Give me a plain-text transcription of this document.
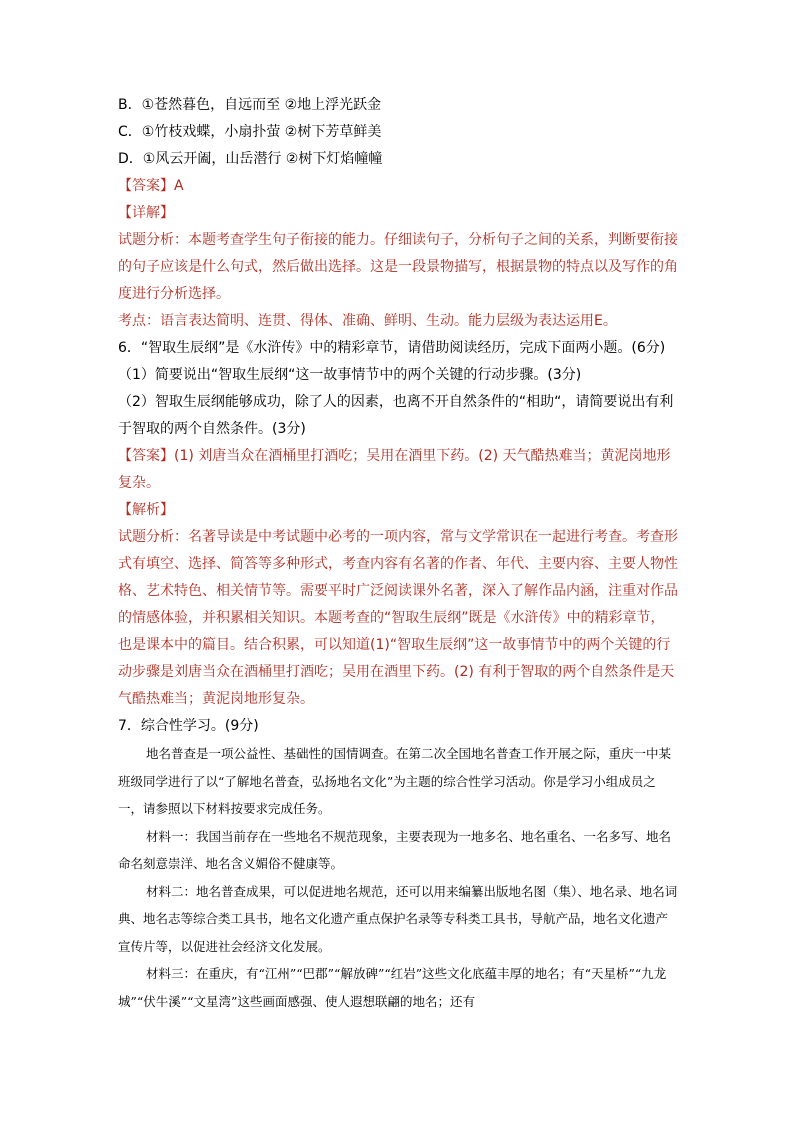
B．①苍然暮色，自远而至 ②地上浮光跃金
C．①竹枝戏蝶，小扇扑萤 ②树下芳草鲜美
D．①风云开阖，山岳潜行 ②树下灯焰幢幢
【答案】A
【详解】
试题分析：本题考查学生句子衔接的能力。仔细读句子，分析句子之间的关系，判断要衔接的句子应该是什么句式，然后做出选择。这是一段景物描写，根据景物的特点以及写作的角度进行分析选择。
考点：语言表达简明、连贯、得体、准确、鲜明、生动。能力层级为表达运用E。
6．“智取生辰纲”是《水浒传》中的精彩章节，请借助阅读经历，完成下面两小题。(6分)
（1）简要说出“智取生辰纲“这一故事情节中的两个关键的行动步骤。(3分)
（2）智取生辰纲能够成功，除了人的因素，也离不开自然条件的“相助“，请简要说出有利于智取的两个自然条件。(3分)
【答案】(1) 刘唐当众在酒桶里打酒吃；吴用在酒里下药。(2) 天气酷热难当；黄泥岗地形复杂。
【解析】
试题分析：名著导读是中考试题中必考的一项内容，常与文学常识在一起进行考查。考查形式有填空、选择、简答等多种形式，考查内容有名著的作者、年代、主要内容、主要人物性格、艺术特色、相关情节等。需要平时广泛阅读课外名著，深入了解作品内涵，注重对作品的情感体验，并积累相关知识。本题考查的“智取生辰纲”既是《水浒传》中的精彩章节，也是课本中的篇目。结合积累，可以知道(1)“智取生辰纲”这一故事情节中的两个关键的行动步骤是刘唐当众在酒桶里打酒吃；吴用在酒里下药。(2) 有利于智取的两个自然条件是天气酷热难当；黄泥岗地形复杂。
7．综合性学习。(9分)
地名普查是一项公益性、基础性的国情调查。在第二次全国地名普查工作开展之际，重庆一中某班级同学进行了以“了解地名普查，弘扬地名文化”为主题的综合性学习活动。你是学习小组成员之一，请参照以下材料按要求完成任务。
材料一：我国当前存在一些地名不规范现象，主要表现为一地多名、地名重名、一名多写、地名命名刻意崇洋、地名含义媚俗不健康等。
材料二：地名普查成果，可以促进地名规范，还可以用来编纂出版地名图（集）、地名录、地名词典、地名志等综合类工具书，地名文化遗产重点保护名录等专科类工具书，导航产品，地名文化遗产宣传片等，以促进社会经济文化发展。
材料三：在重庆，有“江州”“巴郡”“解放碑”“红岩”这些文化底蕴丰厚的地名；有“天星桥”“九龙城”“伏牛溪”“文星湾”这些画面感强、使人遐想联翩的地名；还有
